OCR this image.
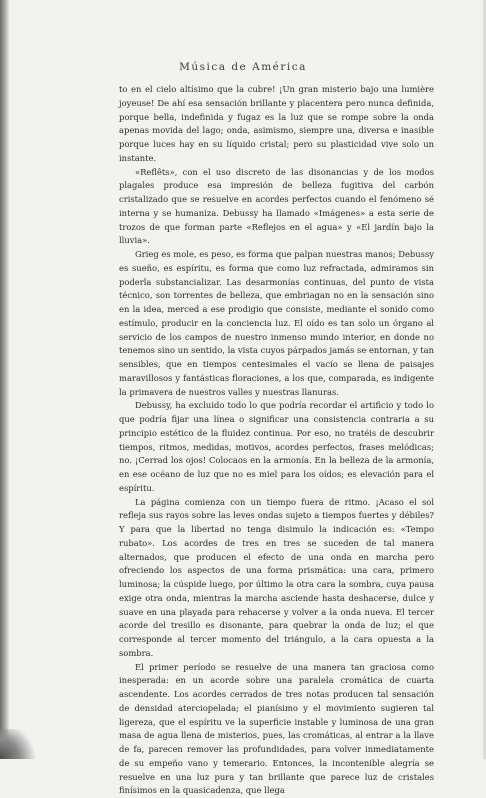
Música de América

to en el cielo altísimo que la cubre! ¡Un gran misterio bajo una lumière joyeuse! De ahí esa sensación brillante y placentera pero nunca definida, porque bella, indefinida y fugaz es la luz que se rompe sobre la onda apenas movida del lago; onda, asimismo, siempre una, diversa e inasible porque luces hay en su líquido cristal; pero su plasticidad vive solo un instante.

«Reflêts», con el uso discreto de las disonancias y de los modos plagales produce esa impresión de belleza fugitiva del carbón cristalizado que se resuelve en acordes perfectos cuando el fenómeno sé interna y se humaniza. Debussy ha llamado «Imágenes» a esta serie de trozos de que forman parte «Reflejos en el agua» y «El jardín bajo la lluvia».

Grieg es mole, es peso, es forma que palpan nuestras manos; Debussy es sueño, es espíritu, es forma que como luz refractada, admiramos sin poderla substancializar. Las desarmonías continuas, del punto de vista técnico, son torrentes de belleza, que embriagan no en la sensación sino en la idea, merced a ese prodigio que consiste, mediante el sonido como estímulo, producir en la conciencia luz. El oído es tan solo un órgano al servicio de los campos de nuestro inmenso mundo interior, en donde no tenemos sino un sentido, la vista cuyos párpados jamás se entornan, y tan sensibles, que en tiempos centesimales el vacío se llena de paisajes maravillosos y fantásticas floraciones, a los que, comparada, es indigente la primavera de nuestros valles y nuestras llanuras.

Debussy, ha excluido todo lo que podría recordar el artificio y todo lo que podría fijar una línea o significar una consistencia contraria a su principio estético de la fluidez continua. Por eso, no tratéis de descubrir tiempos, ritmos, medidas, motivos, acordes perfectos, frases melódicas; no. ¡Cerrad los ojos! Colocaos en la armonía. En la belleza de la armonía, en ese océano de luz que no es miel para los oídos; es elevación para el espíritu.

La página comienza con un tiempo fuera de ritmo. ¡Acaso el sol refleja sus rayos sobre las leves ondas sujeto a tiempos fuertes y débiles? Y para que la libertad no tenga disimulo la indicación es: «Tempo rubato». Los acordes de tres en tres se suceden de tal manera alternados, que producen el efecto de una onda en marcha pero ofreciendo los aspectos de una forma prismática: una cara, primero luminosa; la cúspide luego, por último la otra cara la sombra, cuya pausa exige otra onda, mientras la marcha asciende hasta deshacerse, dulce y suave en una playada para rehacerse y volver a la onda nueva. El tercer acorde del tresillo es disonante, para quebrar la onda de luz; el que corresponde al tercer momento del triángulo, a la cara opuesta a la sombra.

El primer período se resuelve de una manera tan graciosa como inesperada: en un acorde sobre una paralela cromática de cuarta ascendente. Los acordes cerrados de tres notas producen tal sensación de densidad aterciopelada; el pianísimo y el movimiento sugieren tal ligereza, que el espíritu ve la superficie instable y luminosa de una gran masa de agua llena de misterios, pues, las cromáticas, al entrar a la llave de fa, parecen remover las profundidades, para volver inmediatamente de su empeño vano y temerario. Entonces, la incontenible alegría se resuelve en una luz pura y tan brillante que parece luz de cristales finísimos en la quasicadenza, que llega
